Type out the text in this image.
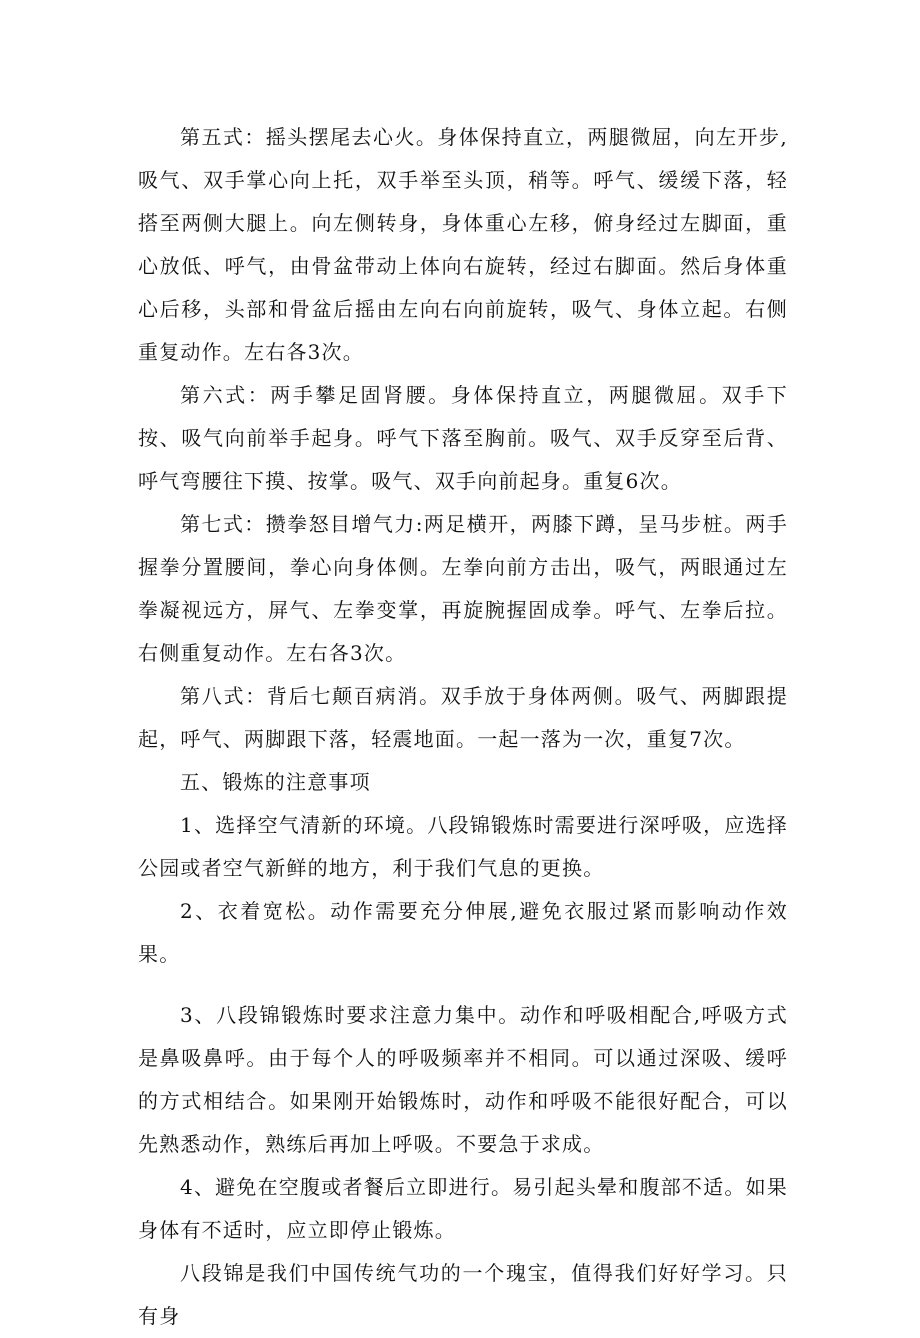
第五式：摇头摆尾去心火。身体保持直立，两腿微屈，向左开步,吸气、双手掌心向上托，双手举至头顶，稍等。呼气、缓缓下落，轻搭至两侧大腿上。向左侧转身，身体重心左移，俯身经过左脚面，重心放低、呼气，由骨盆带动上体向右旋转，经过右脚面。然后身体重心后移，头部和骨盆后摇由左向右向前旋转，吸气、身体立起。右侧重复动作。左右各3次。

第六式：两手攀足固肾腰。身体保持直立，两腿微屈。双手下按、吸气向前举手起身。呼气下落至胸前。吸气、双手反穿至后背、呼气弯腰往下摸、按掌。吸气、双手向前起身。重复6次。

第七式：攒拳怒目增气力:两足横开，两膝下蹲，呈马步桩。两手握拳分置腰间，拳心向身体侧。左拳向前方击出，吸气，两眼通过左拳凝视远方，屏气、左拳变掌，再旋腕握固成拳。呼气、左拳后拉。右侧重复动作。左右各3次。

第八式：背后七颠百病消。双手放于身体两侧。吸气、两脚跟提起，呼气、两脚跟下落，轻震地面。一起一落为一次，重复7次。

五、锻炼的注意事项

1、选择空气清新的环境。八段锦锻炼时需要进行深呼吸，应选择公园或者空气新鲜的地方，利于我们气息的更换。

2、衣着宽松。动作需要充分伸展,避免衣服过紧而影响动作效果。

3、八段锦锻炼时要求注意力集中。动作和呼吸相配合,呼吸方式是鼻吸鼻呼。由于每个人的呼吸频率并不相同。可以通过深吸、缓呼的方式相结合。如果刚开始锻炼时，动作和呼吸不能很好配合，可以先熟悉动作，熟练后再加上呼吸。不要急于求成。

4、避免在空腹或者餐后立即进行。易引起头晕和腹部不适。如果身体有不适时，应立即停止锻炼。

八段锦是我们中国传统气功的一个瑰宝，值得我们好好学习。只有身
